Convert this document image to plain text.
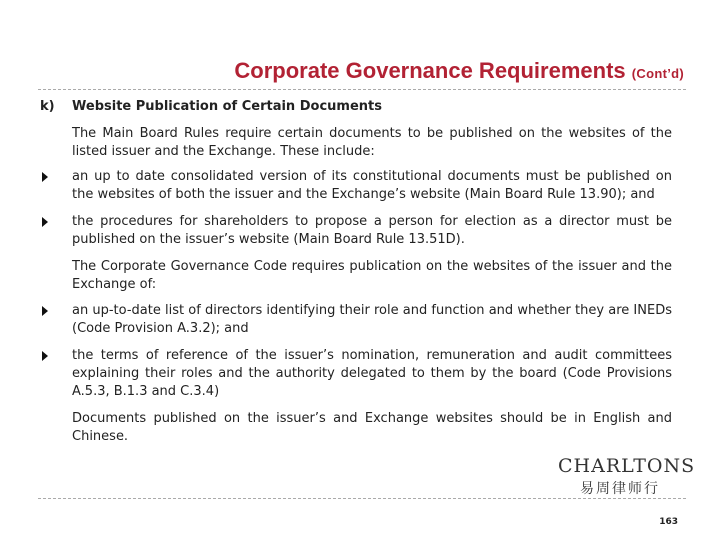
Corporate Governance Requirements (Cont’d)
k) Website Publication of Certain Documents
The Main Board Rules require certain documents to be published on the websites of the listed issuer and the Exchange. These include:
an up to date consolidated version of its constitutional documents must be published on the websites of both the issuer and the Exchange’s website (Main Board Rule 13.90); and
the procedures for shareholders to propose a person for election as a director must be published on the issuer’s website (Main Board Rule 13.51D).
The Corporate Governance Code requires publication on the websites of the issuer and the Exchange of:
an up-to-date list of directors identifying their role and function and whether they are INEDs (Code Provision A.3.2); and
the terms of reference of the issuer’s nomination, remuneration and audit committees explaining their roles and the authority delegated to them by the board (Code Provisions A.5.3, B.1.3 and C.3.4)
Documents published on the issuer’s and Exchange websites should be in English and Chinese.
CHARLTONS
易周律师行
163
